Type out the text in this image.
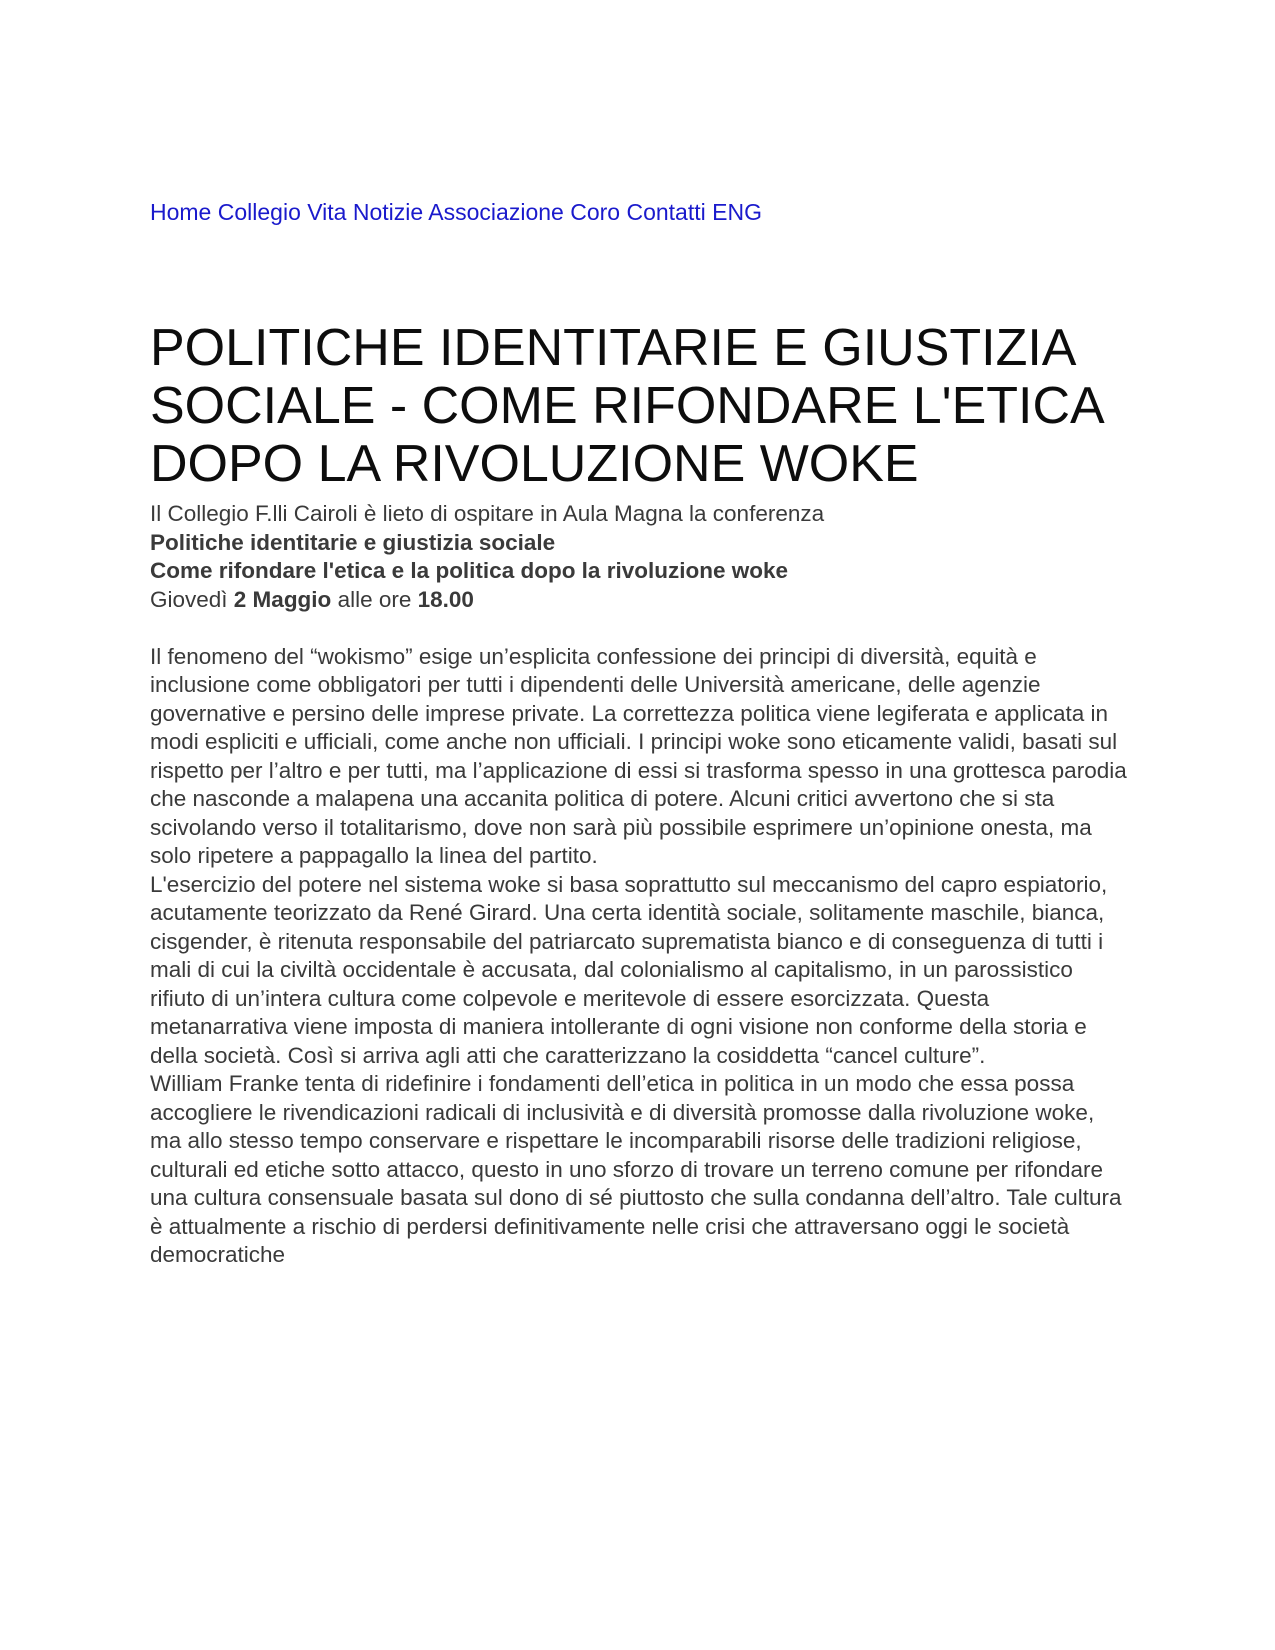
Home Collegio Vita Notizie Associazione Coro Contatti ENG
POLITICHE IDENTITARIE E GIUSTIZIA SOCIALE - COME RIFONDARE L'ETICA DOPO LA RIVOLUZIONE WOKE

Il Collegio F.lli Cairoli è lieto di ospitare in Aula Magna la conferenza

Politiche identitarie e giustizia sociale

Come rifondare l'etica e la politica dopo la rivoluzione woke

Giovedì 2 Maggio alle ore 18.00

Il fenomeno del “wokismo” esige un’esplicita confessione dei principi di diversità, equità e inclusione come obbligatori per tutti i dipendenti delle Università americane, delle agenzie governative e persino delle imprese private. La correttezza politica viene legiferata e applicata in modi espliciti e ufficiali, come anche non ufficiali. I principi woke sono eticamente validi, basati sul rispetto per l’altro e per tutti, ma l’applicazione di essi si trasforma spesso in una grottesca parodia che nasconde a malapena una accanita politica di potere. Alcuni critici avvertono che si sta scivolando verso il totalitarismo, dove non sarà più possibile esprimere un’opinione onesta, ma solo ripetere a pappagallo la linea del partito.

L'esercizio del potere nel sistema woke si basa soprattutto sul meccanismo del capro espiatorio, acutamente teorizzato da René Girard. Una certa identità sociale, solitamente maschile, bianca, cisgender, è ritenuta responsabile del patriarcato suprematista bianco e di conseguenza di tutti i mali di cui la civiltà occidentale è accusata, dal colonialismo al capitalismo, in un parossistico rifiuto di un’intera cultura come colpevole e meritevole di essere esorcizzata. Questa metanarrativa viene imposta di maniera intollerante di ogni visione non conforme della storia e della società. Così si arriva agli atti che caratterizzano la cosiddetta “cancel culture”.

William Franke tenta di ridefinire i fondamenti dell’etica in politica in un modo che essa possa accogliere le rivendicazioni radicali di inclusività e di diversità promosse dalla rivoluzione woke, ma allo stesso tempo conservare e rispettare le incomparabili risorse delle tradizioni religiose, culturali ed etiche sotto attacco, questo in uno sforzo di trovare un terreno comune per rifondare una cultura consensuale basata sul dono di sé piuttosto che sulla condanna dell’altro. Tale cultura è attualmente a rischio di perdersi definitivamente nelle crisi che attraversano oggi le società democratiche
